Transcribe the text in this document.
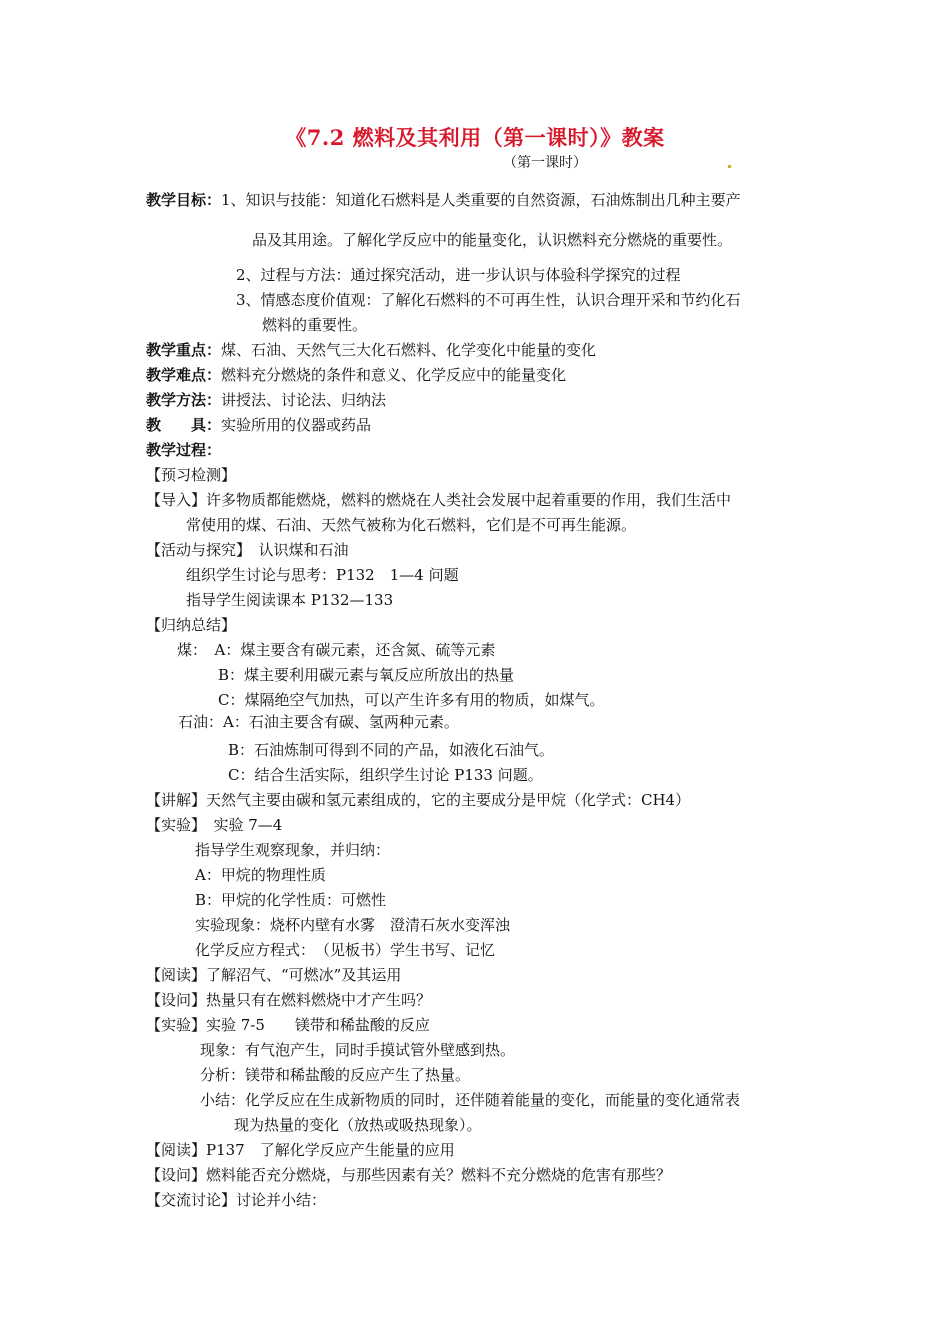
《7.2 燃料及其利用（第一课时）》教案
（第一课时）
教学目标：1、知识与技能：知道化石燃料是人类重要的自然资源，石油炼制出几种主要产
品及其用途。了解化学反应中的能量变化，认识燃料充分燃烧的重要性。
2、过程与方法：通过探究活动，进一步认识与体验科学探究的过程
3、情感态度价值观：了解化石燃料的不可再生性，认识合理开采和节约化石
燃料的重要性。
教学重点：煤、石油、天然气三大化石燃料、化学变化中能量的变化
教学难点：燃料充分燃烧的条件和意义、化学反应中的能量变化
教学方法：讲授法、讨论法、归纳法
教　　具：实验所用的仪器或药品
教学过程：
【预习检测】
【导入】许多物质都能燃烧，燃料的燃烧在人类社会发展中起着重要的作用，我们生活中
常使用的煤、石油、天然气被称为化石燃料，它们是不可再生能源。
【活动与探究】　认识煤和石油
组织学生讨论与思考：P132　1—4 问题
指导学生阅读课本 P132—133
【归纳总结】
煤：　A：煤主要含有碳元素，还含氮、硫等元素
B：煤主要利用碳元素与氧反应所放出的热量
C：煤隔绝空气加热，可以产生许多有用的物质，如煤气。
石油：A：石油主要含有碳、氢两种元素。
B：石油炼制可得到不同的产品，如液化石油气。
C：结合生活实际，组织学生讨论 P133 问题。
【讲解】天然气主要由碳和氢元素组成的，它的主要成分是甲烷（化学式：CH4）
【实验】　实验 7—4
指导学生观察现象，并归纳：
A：甲烷的物理性质
B：甲烷的化学性质：可燃性
实验现象：烧杯内壁有水雾　澄清石灰水变浑浊
化学反应方程式：　（见板书）学生书写、记忆
【阅读】了解沼气、“可燃冰”及其运用
【设问】热量只有在燃料燃烧中才产生吗？
【实验】实验 7-5　　镁带和稀盐酸的反应
现象：有气泡产生，同时手摸试管外壁感到热。
分析：镁带和稀盐酸的反应产生了热量。
小结：化学反应在生成新物质的同时，还伴随着能量的变化，而能量的变化通常表
现为热量的变化（放热或吸热现象）。
【阅读】P137　了解化学反应产生能量的应用
【设问】燃料能否充分燃烧，与那些因素有关？燃料不充分燃烧的危害有那些？
【交流讨论】讨论并小结：
